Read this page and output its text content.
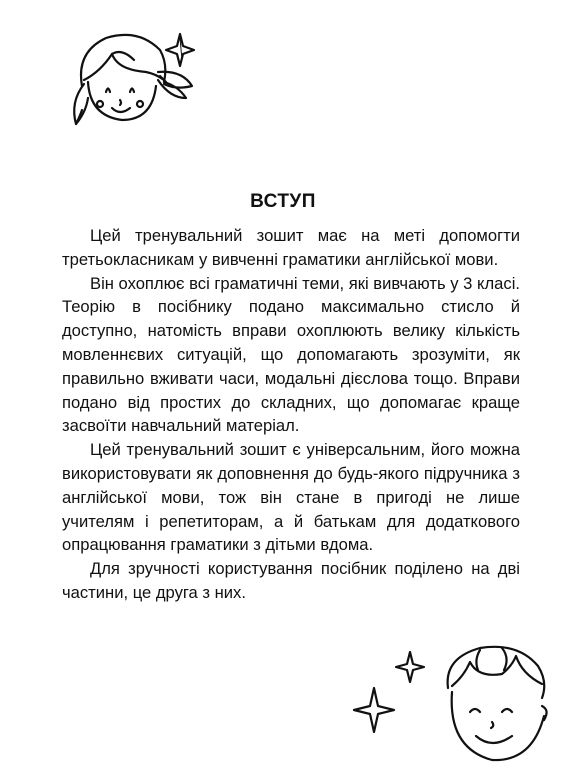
ВСТУП

Цей тренувальний зошит має на меті допомогти третьокласникам у вивченні граматики англійської мови.

Він охоплює всі граматичні теми, які вивчають у 3 класі. Теорію в посібнику подано максимально стисло й доступно, натомість вправи охоплюють велику кількість мовленнєвих ситуацій, що допомагають зрозуміти, як правильно вживати часи, модальні дієслова тощо. Вправи подано від простих до складних, що допомагає краще засвоїти навчальний матеріал.

Цей тренувальний зошит є універсальним, його можна використовувати як доповнення до будь-якого підручника з англійської мови, тож він стане в пригоді не лише учителям і репетиторам, а й батькам для додаткового опрацювання граматики з дітьми вдома.

Для зручності користування посібник поділено на дві частини, це друга з них.
